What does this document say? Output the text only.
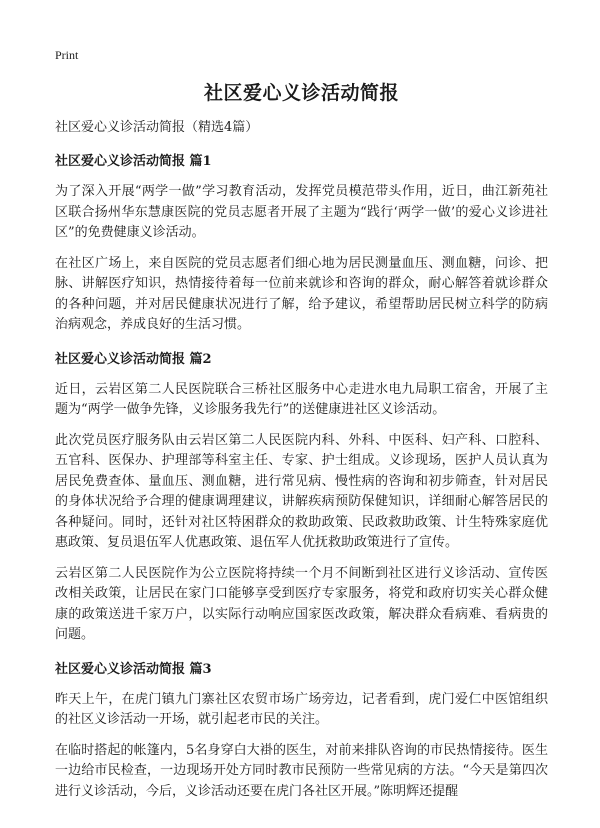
Print
社区爱心义诊活动简报
社区爱心义诊活动简报（精选4篇）
社区爱心义诊活动简报 篇1

为了深入开展“两学一做”学习教育活动，发挥党员模范带头作用，近日，曲江新苑社区联合扬州华东慧康医院的党员志愿者开展了主题为“践行‘两学一做’的爱心义诊进社区”的免费健康义诊活动。

在社区广场上，来自医院的党员志愿者们细心地为居民测量血压、测血糖，问诊、把脉、讲解医疗知识，热情接待着每一位前来就诊和咨询的群众，耐心解答着就诊群众的各种问题，并对居民健康状况进行了解，给予建议，希望帮助居民树立科学的防病治病观念，养成良好的生活习惯。

社区爱心义诊活动简报 篇2

近日，云岩区第二人民医院联合三桥社区服务中心走进水电九局职工宿舍，开展了主题为“两学一做争先锋，义诊服务我先行”的送健康进社区义诊活动。

此次党员医疗服务队由云岩区第二人民医院内科、外科、中医科、妇产科、口腔科、五官科、医保办、护理部等科室主任、专家、护士组成。义诊现场，医护人员认真为居民免费查体、量血压、测血糖，进行常见病、慢性病的咨询和初步筛查，针对居民的身体状况给予合理的健康调理建议，讲解疾病预防保健知识，详细耐心解答居民的各种疑问。同时，还针对社区特困群众的救助政策、民政救助政策、计生特殊家庭优惠政策、复员退伍军人优惠政策、退伍军人优抚救助政策进行了宣传。

云岩区第二人民医院作为公立医院将持续一个月不间断到社区进行义诊活动、宣传医改相关政策，让居民在家门口能够享受到医疗专家服务，将党和政府切实关心群众健康的政策送进千家万户，以实际行动响应国家医改政策，解决群众看病难、看病贵的问题。

社区爱心义诊活动简报 篇3

昨天上午，在虎门镇九门寨社区农贸市场广场旁边，记者看到，虎门爱仁中医馆组织的社区义诊活动一开场，就引起老市民的关注。

在临时搭起的帐篷内，5名身穿白大褂的医生，对前来排队咨询的市民热情接待。医生一边给市民检查，一边现场开处方同时教市民预防一些常见病的方法。“今天是第四次进行义诊活动，今后，义诊活动还要在虎门各社区开展。”陈明辉还提醒
